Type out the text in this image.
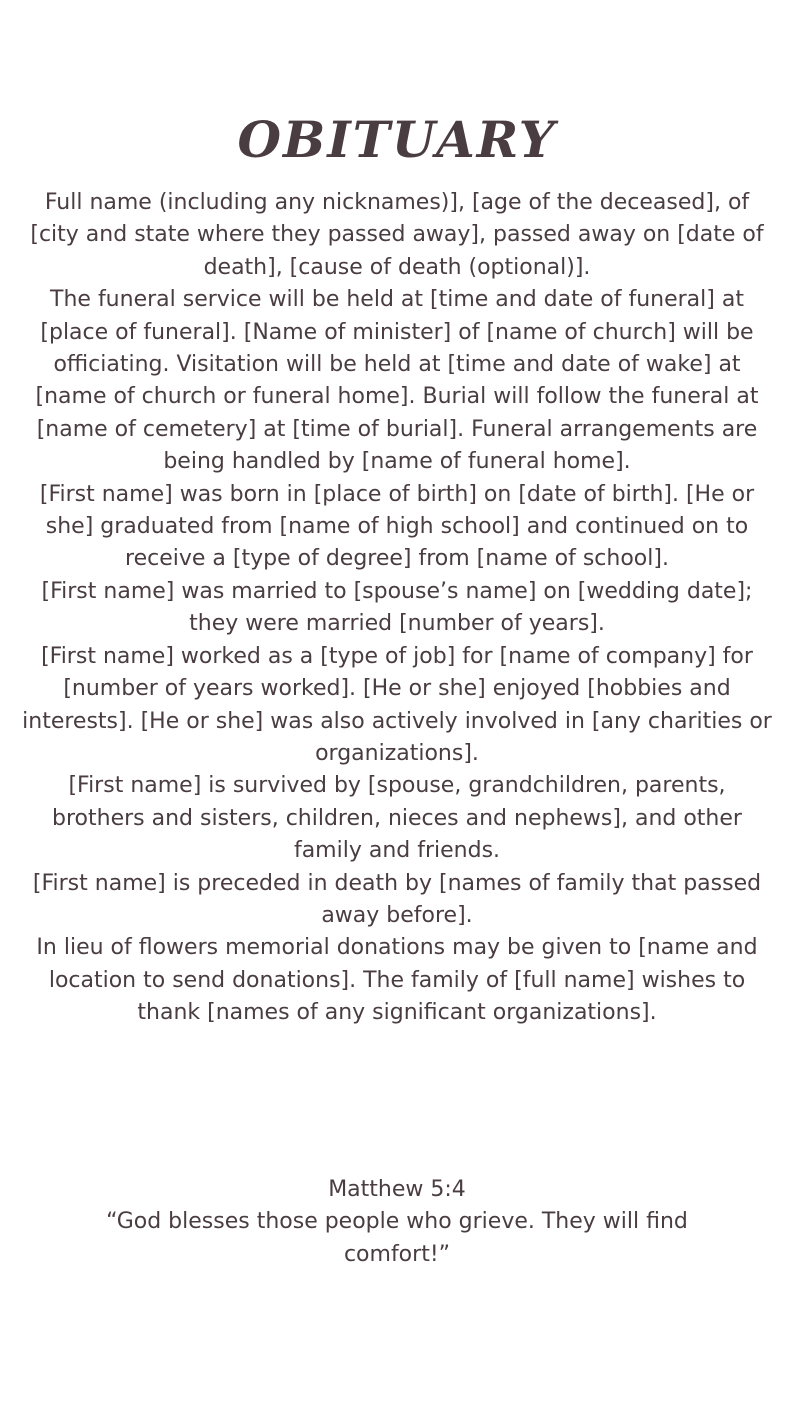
OBITUARY

Full name (including any nicknames)], [age of the deceased], of [city and state where they passed away], passed away on [date of death], [cause of death (optional)].

The funeral service will be held at [time and date of funeral] at [place of funeral]. [Name of minister] of [name of church] will be officiating. Visitation will be held at [time and date of wake] at [name of church or funeral home]. Burial will follow the funeral at [name of cemetery] at [time of burial]. Funeral arrangements are being handled by [name of funeral home].

[First name] was born in [place of birth] on [date of birth]. [He or she] graduated from [name of high school] and continued on to receive a [type of degree] from [name of school].

[First name] was married to [spouse’s name] on [wedding date]; they were married [number of years].

[First name] worked as a [type of job] for [name of company] for [number of years worked]. [He or she] enjoyed [hobbies and interests]. [He or she] was also actively involved in [any charities or organizations].

[First name] is survived by [spouse, grandchildren, parents, brothers and sisters, children, nieces and nephews], and other family and friends.

[First name] is preceded in death by [names of family that passed away before].

In lieu of flowers memorial donations may be given to [name and location to send donations]. The family of [full name] wishes to thank [names of any significant organizations].

Matthew 5:4

“God blesses those people who grieve. They will find comfort!”
